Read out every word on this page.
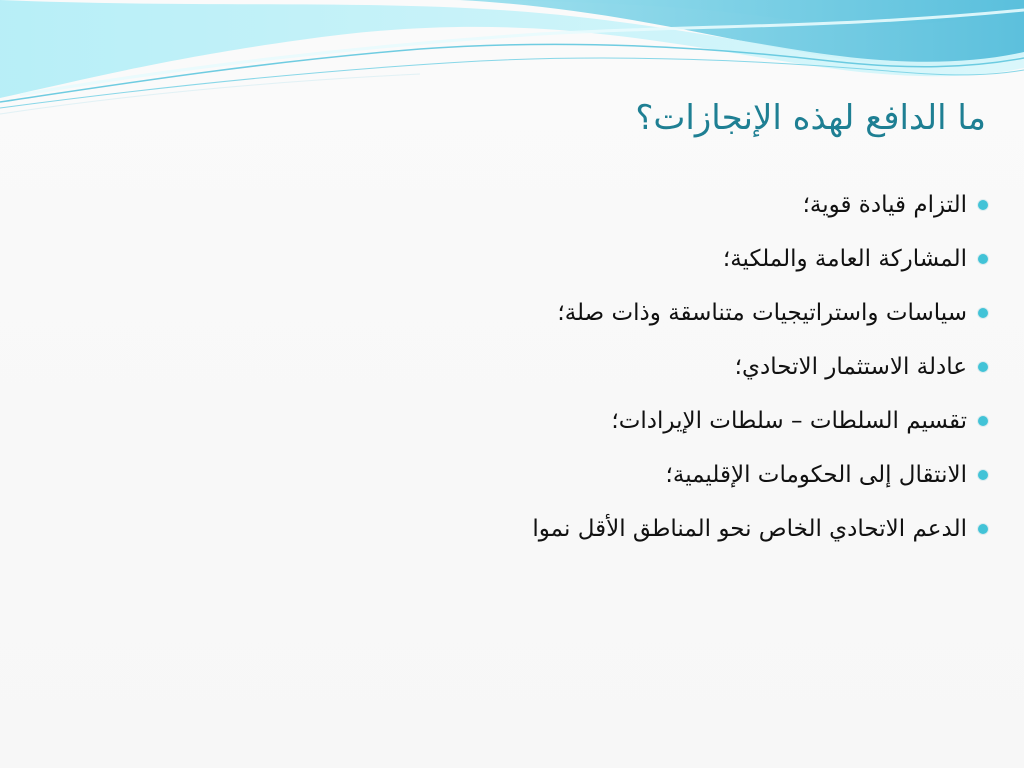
ما الدافع لهذه الإنجازات؟
التزام قيادة قوية؛
المشاركة العامة والملكية؛
سياسات واستراتيجيات متناسقة وذات صلة؛
عادلة الاستثمار الاتحادي؛
تقسيم السلطات – سلطات الإيرادات؛
الانتقال إلى الحكومات الإقليمية؛
الدعم الاتحادي الخاص نحو المناطق الأقل نموا
